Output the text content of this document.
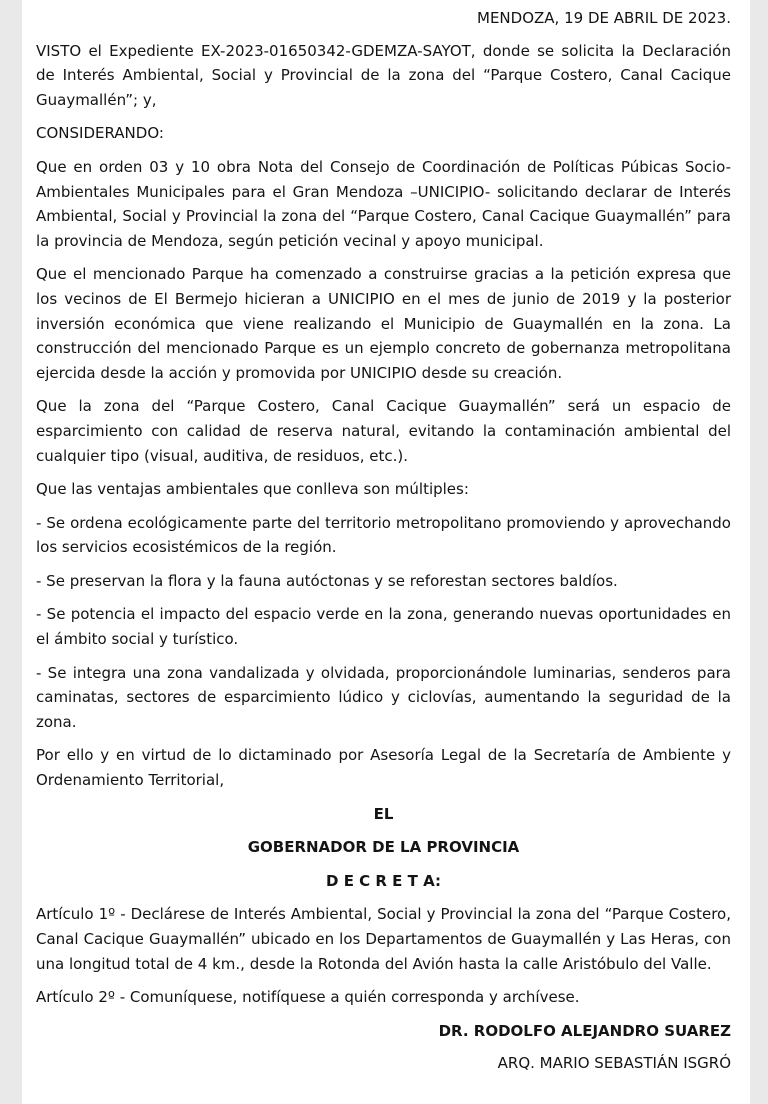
MENDOZA, 19 DE ABRIL DE 2023.

VISTO el Expediente EX-2023-01650342-GDEMZA-SAYOT, donde se solicita la Declaración de Interés Ambiental, Social y Provincial de la zona del “Parque Costero, Canal Cacique Guaymallén”; y,

CONSIDERANDO:

Que en orden 03 y 10 obra Nota del Consejo de Coordinación de Políticas Púbicas Socio-Ambientales Municipales para el Gran Mendoza –UNICIPIO- solicitando declarar de Interés Ambiental, Social y Provincial la zona del “Parque Costero, Canal Cacique Guaymallén” para la provincia de Mendoza, según petición vecinal y apoyo municipal.

Que el mencionado Parque ha comenzado a construirse gracias a la petición expresa que los vecinos de El Bermejo hicieran a UNICIPIO en el mes de junio de 2019 y la posterior inversión económica que viene realizando el Municipio de Guaymallén en la zona. La construcción del mencionado Parque es un ejemplo concreto de gobernanza metropolitana ejercida desde la acción y promovida por UNICIPIO desde su creación.

Que la zona del “Parque Costero, Canal Cacique Guaymallén” será un espacio de esparcimiento con calidad de reserva natural, evitando la contaminación ambiental del cualquier tipo (visual, auditiva, de residuos, etc.).

Que las ventajas ambientales que conlleva son múltiples:

- Se ordena ecológicamente parte del territorio metropolitano promoviendo y aprovechando los servicios ecosistémicos de la región.

- Se preservan la flora y la fauna autóctonas y se reforestan sectores baldíos.

- Se potencia el impacto del espacio verde en la zona, generando nuevas oportunidades en el ámbito social y turístico.

- Se integra una zona vandalizada y olvidada, proporcionándole luminarias, senderos para caminatas, sectores de esparcimiento lúdico y ciclovías, aumentando la seguridad de la zona.

Por ello y en virtud de lo dictaminado por Asesoría Legal de la Secretaría de Ambiente y Ordenamiento Territorial,

EL
GOBERNADOR DE LA PROVINCIA
D E C R E T A:

Artículo 1º - Declárese de Interés Ambiental, Social y Provincial la zona del “Parque Costero, Canal Cacique Guaymallén” ubicado en los Departamentos de Guaymallén y Las Heras, con una longitud total de 4 km., desde la Rotonda del Avión hasta la calle Aristóbulo del Valle.

Artículo 2º - Comuníquese, notifíquese a quién corresponda y archívese.

DR. RODOLFO ALEJANDRO SUAREZ
ARQ. MARIO SEBASTIÁN ISGRÓ
